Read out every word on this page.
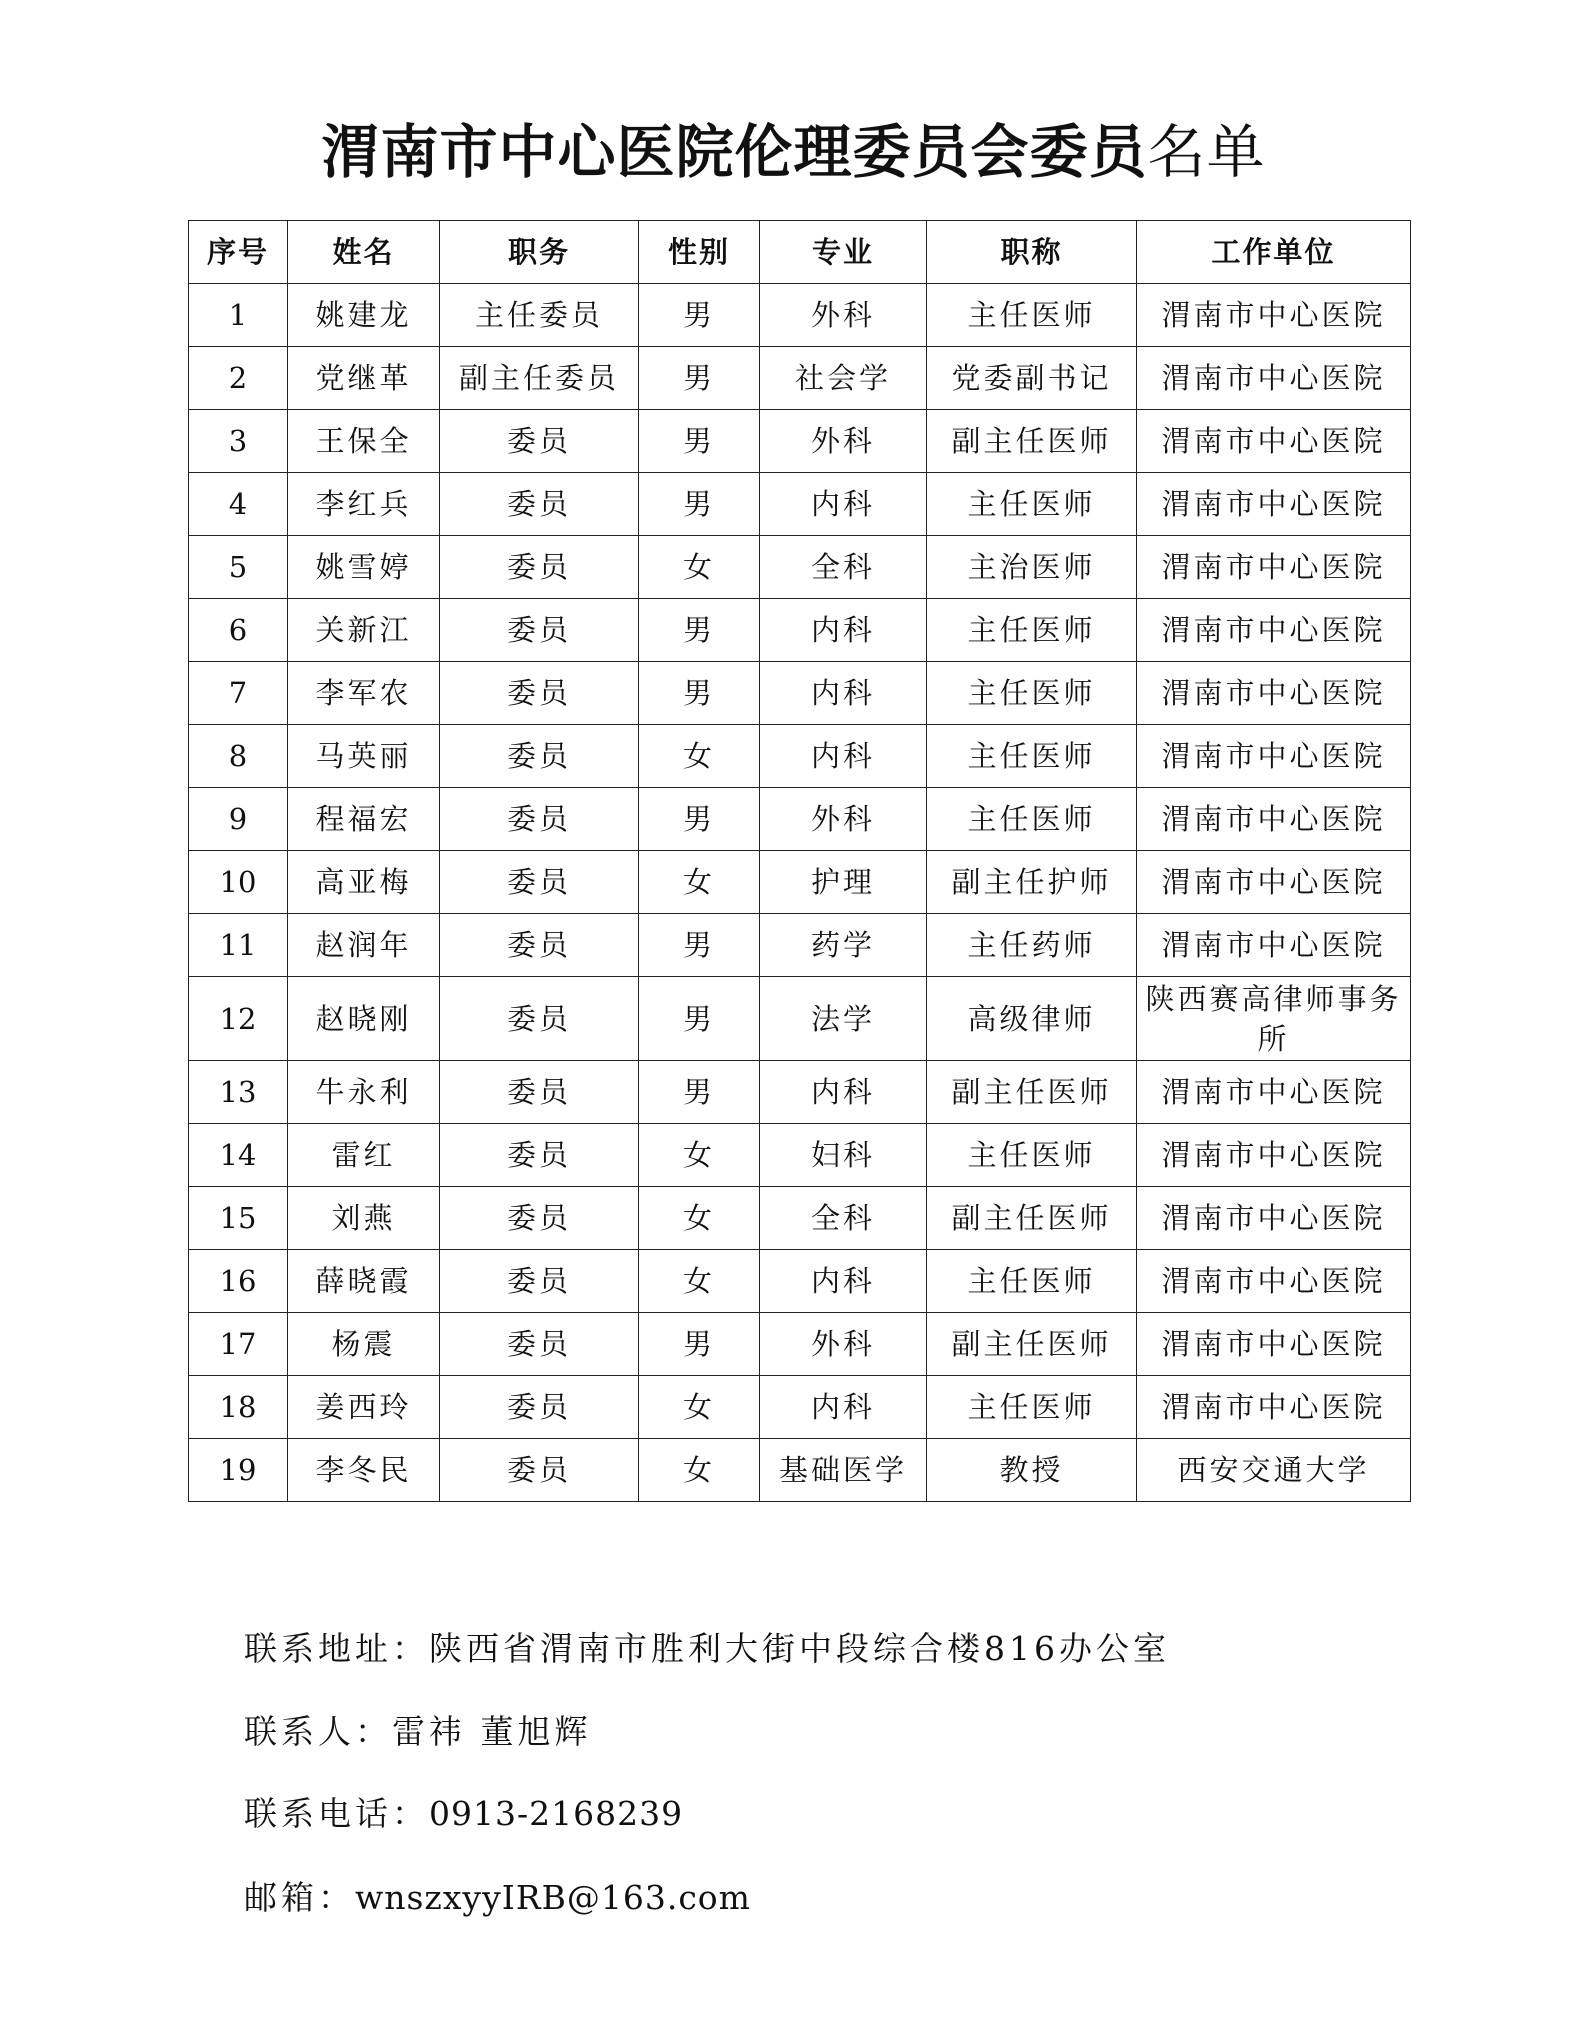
渭南市中心医院伦理委员会委员名单
序号	姓名	职务	性别	专业	职称	工作单位
1	姚建龙	主任委员	男	外科	主任医师	渭南市中心医院
2	党继革	副主任委员	男	社会学	党委副书记	渭南市中心医院
3	王保全	委员	男	外科	副主任医师	渭南市中心医院
4	李红兵	委员	男	内科	主任医师	渭南市中心医院
5	姚雪婷	委员	女	全科	主治医师	渭南市中心医院
6	关新江	委员	男	内科	主任医师	渭南市中心医院
7	李军农	委员	男	内科	主任医师	渭南市中心医院
8	马英丽	委员	女	内科	主任医师	渭南市中心医院
9	程福宏	委员	男	外科	主任医师	渭南市中心医院
10	高亚梅	委员	女	护理	副主任护师	渭南市中心医院
11	赵润年	委员	男	药学	主任药师	渭南市中心医院
12	赵晓刚	委员	男	法学	高级律师	陕西赛高律师事务所
13	牛永利	委员	男	内科	副主任医师	渭南市中心医院
14	雷红	委员	女	妇科	主任医师	渭南市中心医院
15	刘燕	委员	女	全科	副主任医师	渭南市中心医院
16	薛晓霞	委员	女	内科	主任医师	渭南市中心医院
17	杨震	委员	男	外科	副主任医师	渭南市中心医院
18	姜西玲	委员	女	内科	主任医师	渭南市中心医院
19	李冬民	委员	女	基础医学	教授	西安交通大学
联系地址：陕西省渭南市胜利大街中段综合楼816办公室
联系人：雷祎 董旭辉
联系电话：0913-2168239
邮箱：wnszxyyIRB@163.com
